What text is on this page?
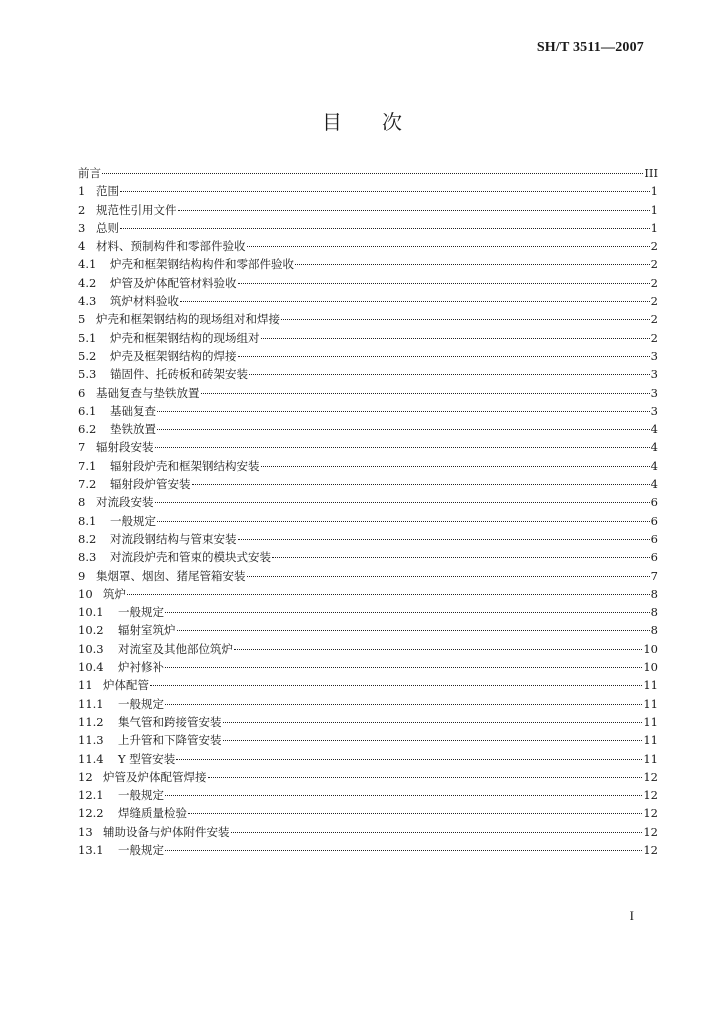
SH/T 3511—2007
目次
前言	III
1 范围	1
2 规范性引用文件	1
3 总则	1
4 材料、预制构件和零部件验收	2
4.1	炉壳和框架钢结构构件和零部件验收	2
4.2	炉管及炉体配管材料验收	2
4.3	筑炉材料验收	2
5 炉壳和框架钢结构的现场组对和焊接	2
5.1	炉壳和框架钢结构的现场组对	2
5.2	炉壳及框架钢结构的焊接	3
5.3	锚固件、托砖板和砖架安装	3
6 基础复查与垫铁放置	3
6.1	基础复查	3
6.2	垫铁放置	4
7 辐射段安装	4
7.1	辐射段炉壳和框架钢结构安装	4
7.2	辐射段炉管安装	4
8 对流段安装	6
8.1	一般规定	6
8.2	对流段钢结构与管束安装	6
8.3	对流段炉壳和管束的模块式安装	6
9 集烟罩、烟囱、猪尾管箱安装	7
10 筑炉	8
10.1	一般规定	8
10.2	辐射室筑炉	8
10.3	对流室及其他部位筑炉	10
10.4	炉衬修补	10
11 炉体配管	11
11.1	一般规定	11
11.2	集气管和跨接管安装	11
11.3	上升管和下降管安装	11
11.4	Y 型管安装	11
12 炉管及炉体配管焊接	12
12.1	一般规定	12
12.2	焊缝质量检验	12
13 辅助设备与炉体附件安装	12
13.1	一般规定	12
I
